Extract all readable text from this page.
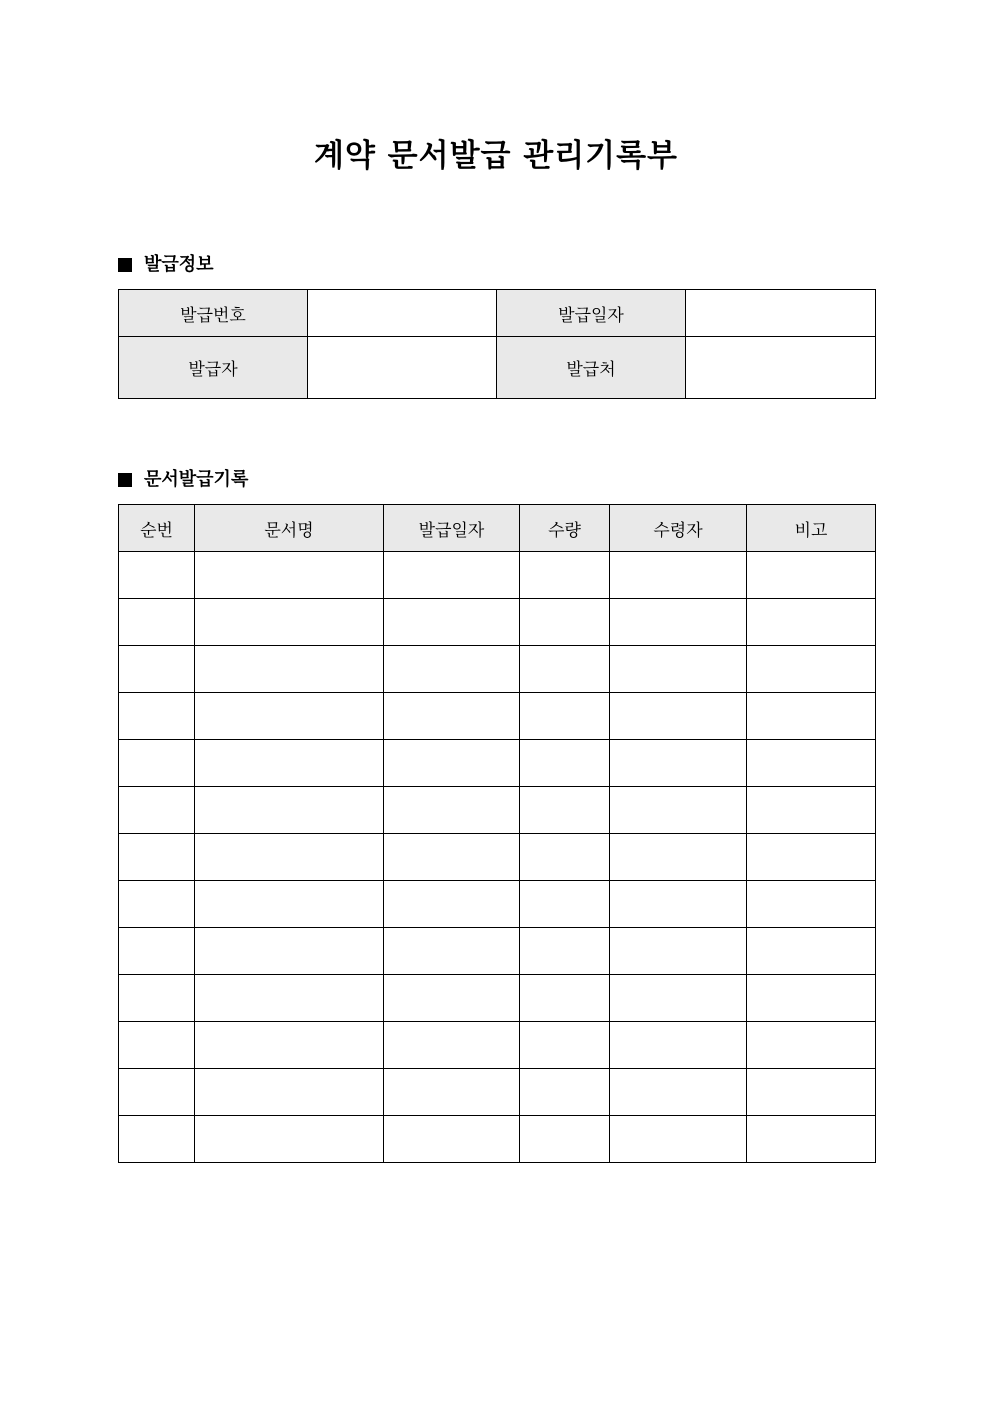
계약 문서발급 관리기록부
발급정보
발급번호		발급일자	
발급자		발급처	
문서발급기록
순번	문서명	발급일자	수량	수령자	비고
